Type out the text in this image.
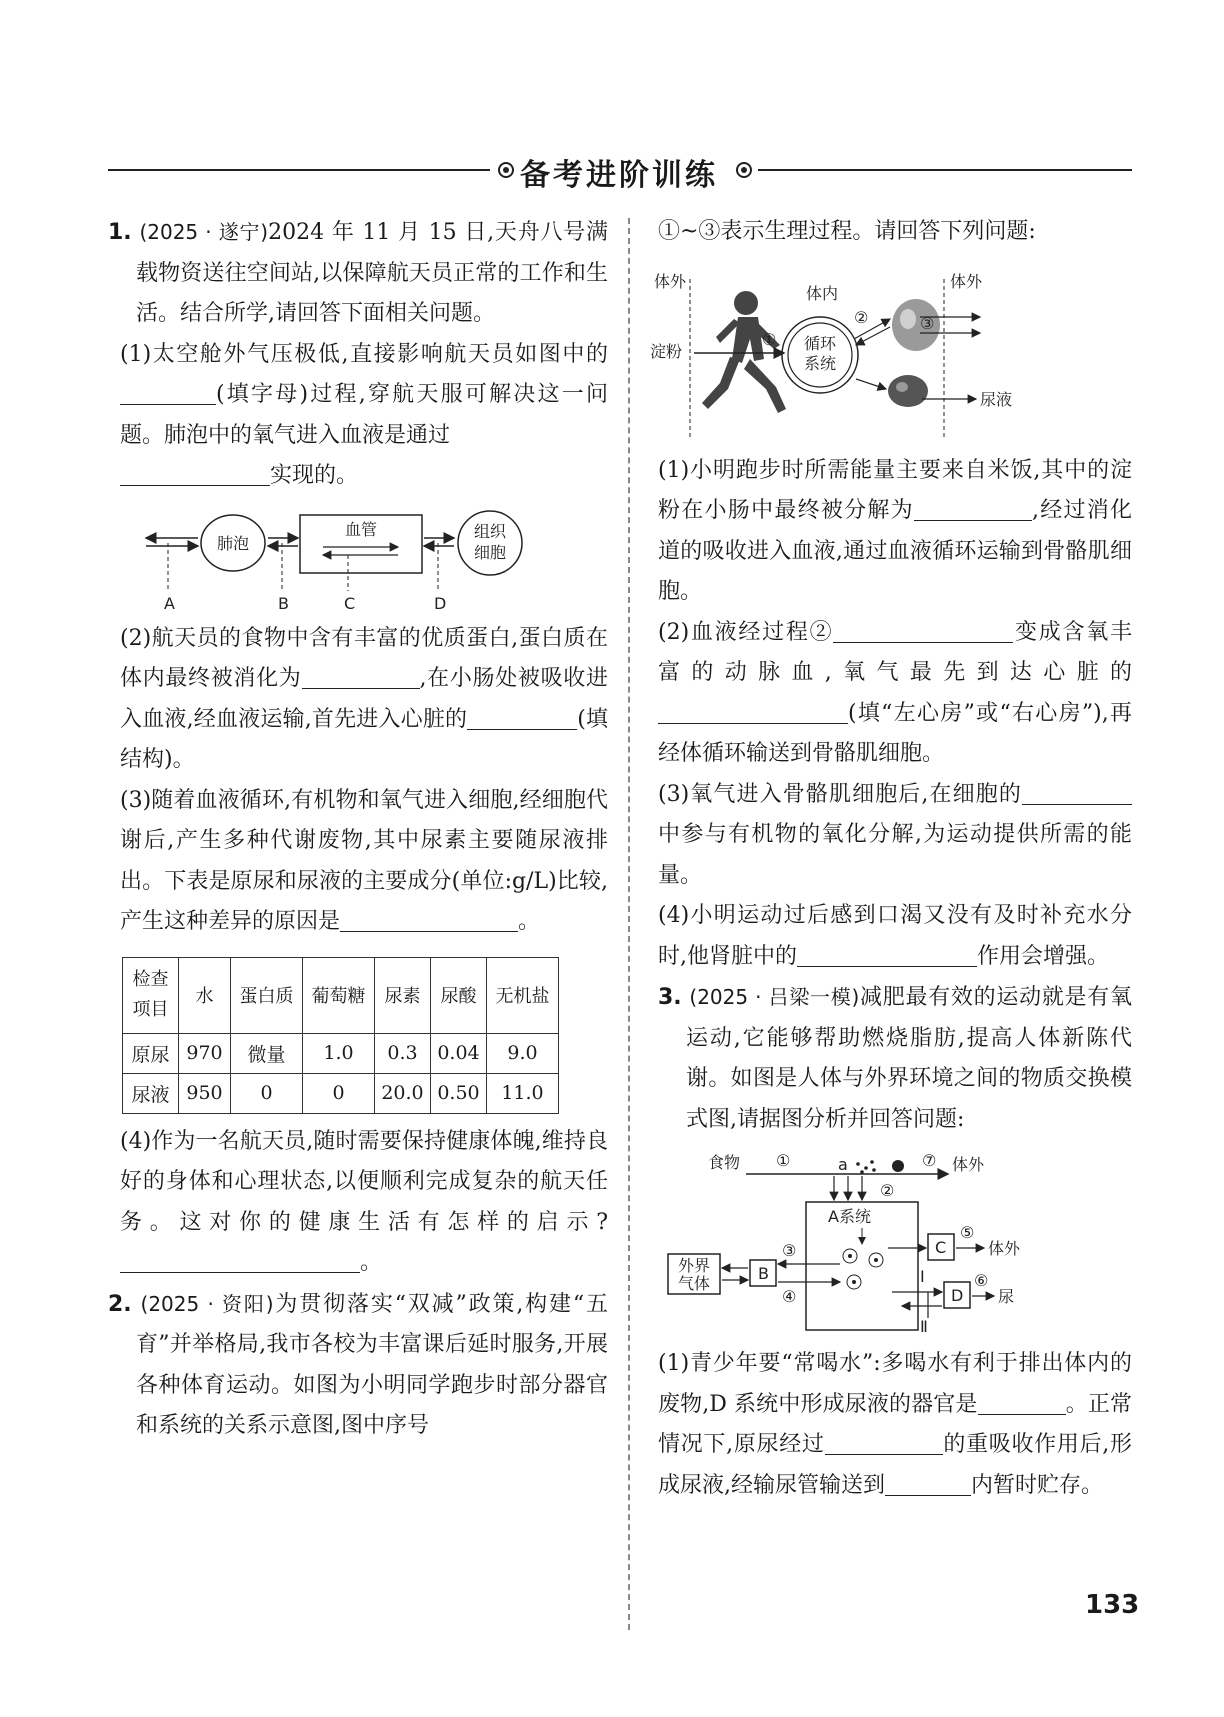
备考进阶训练
1. (2025 · 遂宁)2024 年 11 月 15 日,天舟八号满载物资送往空间站,以保障航天员正常的工作和生活。结合所学,请回答下面相关问题。
(1)太空舱外气压极低,直接影响航天员如图中的(填字母)过程,穿航天服可解决这一问题。肺泡中的氧气进入血液是通过
实现的。
肺泡
血管	组织
细胞
A	B	C	D
(2)航天员的食物中含有丰富的优质蛋白,蛋白质在体内最终被消化为	,在小肠处被吸收进入血液,经血液运输,首先进入心脏的	(填结构)。
(3)随着血液循环,有机物和氧气进入细胞,经细胞代谢后,产生多种代谢废物,其中尿素主要随尿液排出。下表是原尿和尿液的主要成分(单位:g/L)比较,产生这种差异的原因是	。
检查
项目	水	蛋白质	葡萄糖	尿素	尿酸	无机盐
原尿	970	微量	1.0	0.3	0.04	9.0
尿液	950	0	0	20.0	0.50	11.0
(4)作为一名航天员,随时需要保持健康体魄,维持良好的身体和心理状态,以便顺利完成复杂的航天任务。这对你的健康生活有怎样的启示?。
2. (2025 · 资阳)为贯彻落实“双减”政策,构建“五育”并举格局,我市各校为丰富课后延时服务,开展各种体育运动。如图为小明同学跑步时部分器官和系统的关系示意图,图中序号
①~③表示生理过程。请回答下列问题:
体外
体内
体外
淀粉
① 循环
系统
②	③
尿液
(1)小明跑步时所需能量主要来自米饭,其中的淀粉在小肠中最终被分解为	,经过消化道的吸收进入血液,通过血液循环运输到骨骼肌细胞。
(2)血液经过程②	变成含氧丰富的动脉血,氧气最先到达心脏的(填“左心房”或“右心房”),再经体循环输送到骨骼肌细胞。
(3)氧气进入骨骼肌细胞后,在细胞的中参与有机物的氧化分解,为运动提供所需的能量。
(4)小明运动过后感到口渴又没有及时补充水分时,他肾脏中的	作用会增强。
3. (2025 · 吕梁一模)减肥最有效的运动就是有氧运动,它能够帮助燃烧脂肪,提高人体新陈代谢。如图是人体与外界环境之间的物质交换模式图,请据图分析并回答问题:
食物 ①	a	⑦ 体外
②
A系统
外界
气体
B
③
④
C
⑤
体外
Ⅰ
D
⑥
尿
Ⅱ
(1)青少年要“常喝水”:多喝水有利于排出体内的废物,D 系统中形成尿液的器官是	。正常情况下,原尿经过	的重吸收作用后,形成尿液,经输尿管输送到	内暂时贮存。
133
